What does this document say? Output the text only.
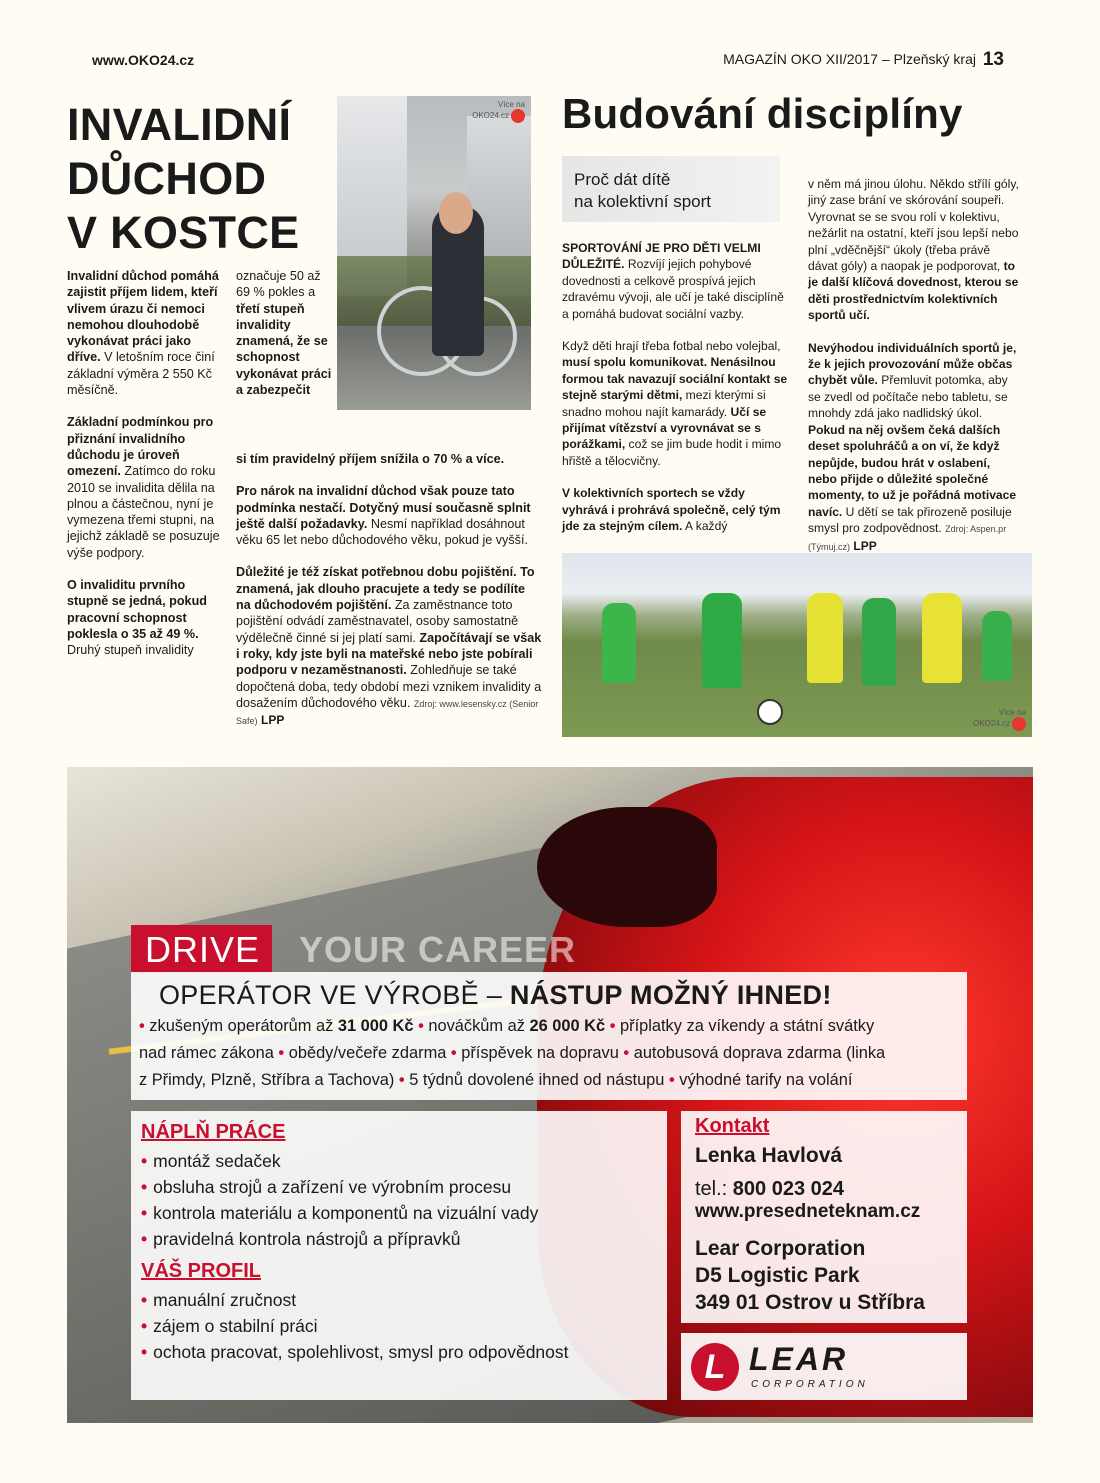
www.OKO24.cz	MAGAZÍN OKO XII/2017 – Plzeňský kraj 13
INVALIDNÍ
DŮCHOD
V KOSTCE

Invalidní důchod pomáhá zajistit příjem lidem, kteří vlivem úrazu či nemoci nemohou dlouhodobě vykonávat práci jako dříve. V letošním roce činí základní výměra 2 550 Kč měsíčně.

Základní podmínkou pro přiznání invalidního důchodu je úroveň omezení. Zatímco do roku 2010 se invalidita dělila na plnou a částečnou, nyní je vymezena třemi stupni, na jejichž základě se posuzuje výše podpory.

O invaliditu prvního stupně se jedná, pokud pracovní schopnost poklesla o 35 až 49 %. Druhý stupeň invalidity

označuje 50 až 69 % pokles a třetí stupeň invalidity znamená, že se schopnost vykonávat práci a zabezpečit

Více na
OKO24.cz

si tím pravidelný příjem snížila o 70 % a více.

Pro nárok na invalidní důchod však pouze tato podmínka nestačí. Dotyčný musí současně splnit ještě další požadavky. Nesmí například dosáhnout věku 65 let nebo důchodového věku, pokud je vyšší.

Důležité je též získat potřebnou dobu pojištění. To znamená, jak dlouho pracujete a tedy se podílíte na důchodovém pojištění. Za zaměstnance toto pojištění odvádí zaměstnavatel, osoby samostatně výdělečně činné si jej platí sami. Započítávají se však i roky, kdy jste byli na mateřské nebo jste pobírali podporu v nezaměstnanosti. Zohledňuje se také dopočtená doba, tedy období mezi vznikem invalidity a dosažením důchodového věku. Zdroj: www.lesensky.cz (Senior Safe) LPP

Budování disciplíny
Proč dát dítě
na kolektivní sport

SPORTOVÁNÍ JE PRO DĚTI VELMI DŮLEŽITÉ. Rozvíjí jejich pohybové dovednosti a celkově prospívá jejich zdravému vývoji, ale učí je také disciplíně a pomáhá budovat sociální vazby.

Když děti hrají třeba fotbal nebo volejbal, musí spolu komunikovat. Nenásilnou formou tak navazují sociální kontakt se stejně starými dětmi, mezi kterými si snadno mohou najít kamarády. Učí se přijímat vítězství a vyrovnávat se s porážkami, což se jim bude hodit i mimo hřiště a tělocvičny.

V kolektivních sportech se vždy vyhrává i prohrává společně, celý tým jde za stejným cílem. A každý

v něm má jinou úlohu. Někdo střílí góly, jiný zase brání ve skórování soupeři. Vyrovnat se se svou rolí v kolektivu, nežárlit na ostatní, kteří jsou lepší nebo plní „vděčnější“ úkoly (třeba právě dávat góly) a naopak je podporovat, to je další klíčová dovednost, kterou se děti prostřednictvím kolektivních sportů učí.

Nevýhodou individuálních sportů je, že k jejich provozování může občas chybět vůle. Přemluvit potomka, aby se zvedl od počítače nebo tabletu, se mnohdy zdá jako nadlidský úkol. Pokud na něj ovšem čeká dalších deset spoluhráčů a on ví, že když nepůjde, budou hrát v oslabení, nebo přijde o důležité společné momenty, to už je pořádná motivace navíc. U dětí se tak přirozeně posiluje smysl pro zodpovědnost. Zdroj: Aspen.pr (Týmuj.cz) LPP

Více na
OKO24.cz
DRIVE	YOUR CAREER
OPERÁTOR VE VÝROBĚ – NÁSTUP MOŽNÝ IHNED!
• zkušeným operátorům až 31 000 Kč • nováčkům až 26 000 Kč • příplatky za víkendy a státní svátky
nad rámec zákona • obědy/večeře zdarma • příspěvek na dopravu • autobusová doprava zdarma (linka
z Přimdy, Plzně, Stříbra a Tachova) • 5 týdnů dovolené ihned od nástupu • výhodné tarify na volání
NÁPLŇ PRÁCE
• montáž sedaček
• obsluha strojů a zařízení ve výrobním procesu
• kontrola materiálu a komponentů na vizuální vady
• pravidelná kontrola nástrojů a přípravků
VÁŠ PROFIL
• manuální zručnost
• zájem o stabilní práci
• ochota pracovat, spolehlivost, smysl pro odpovědnost
Kontakt
Lenka Havlová
tel.: 800 023 024
www.presedneteknam.cz
Lear Corporation
D5 Logistic Park
349 01 Ostrov u Stříbra
L LEAR
CORPORATION
